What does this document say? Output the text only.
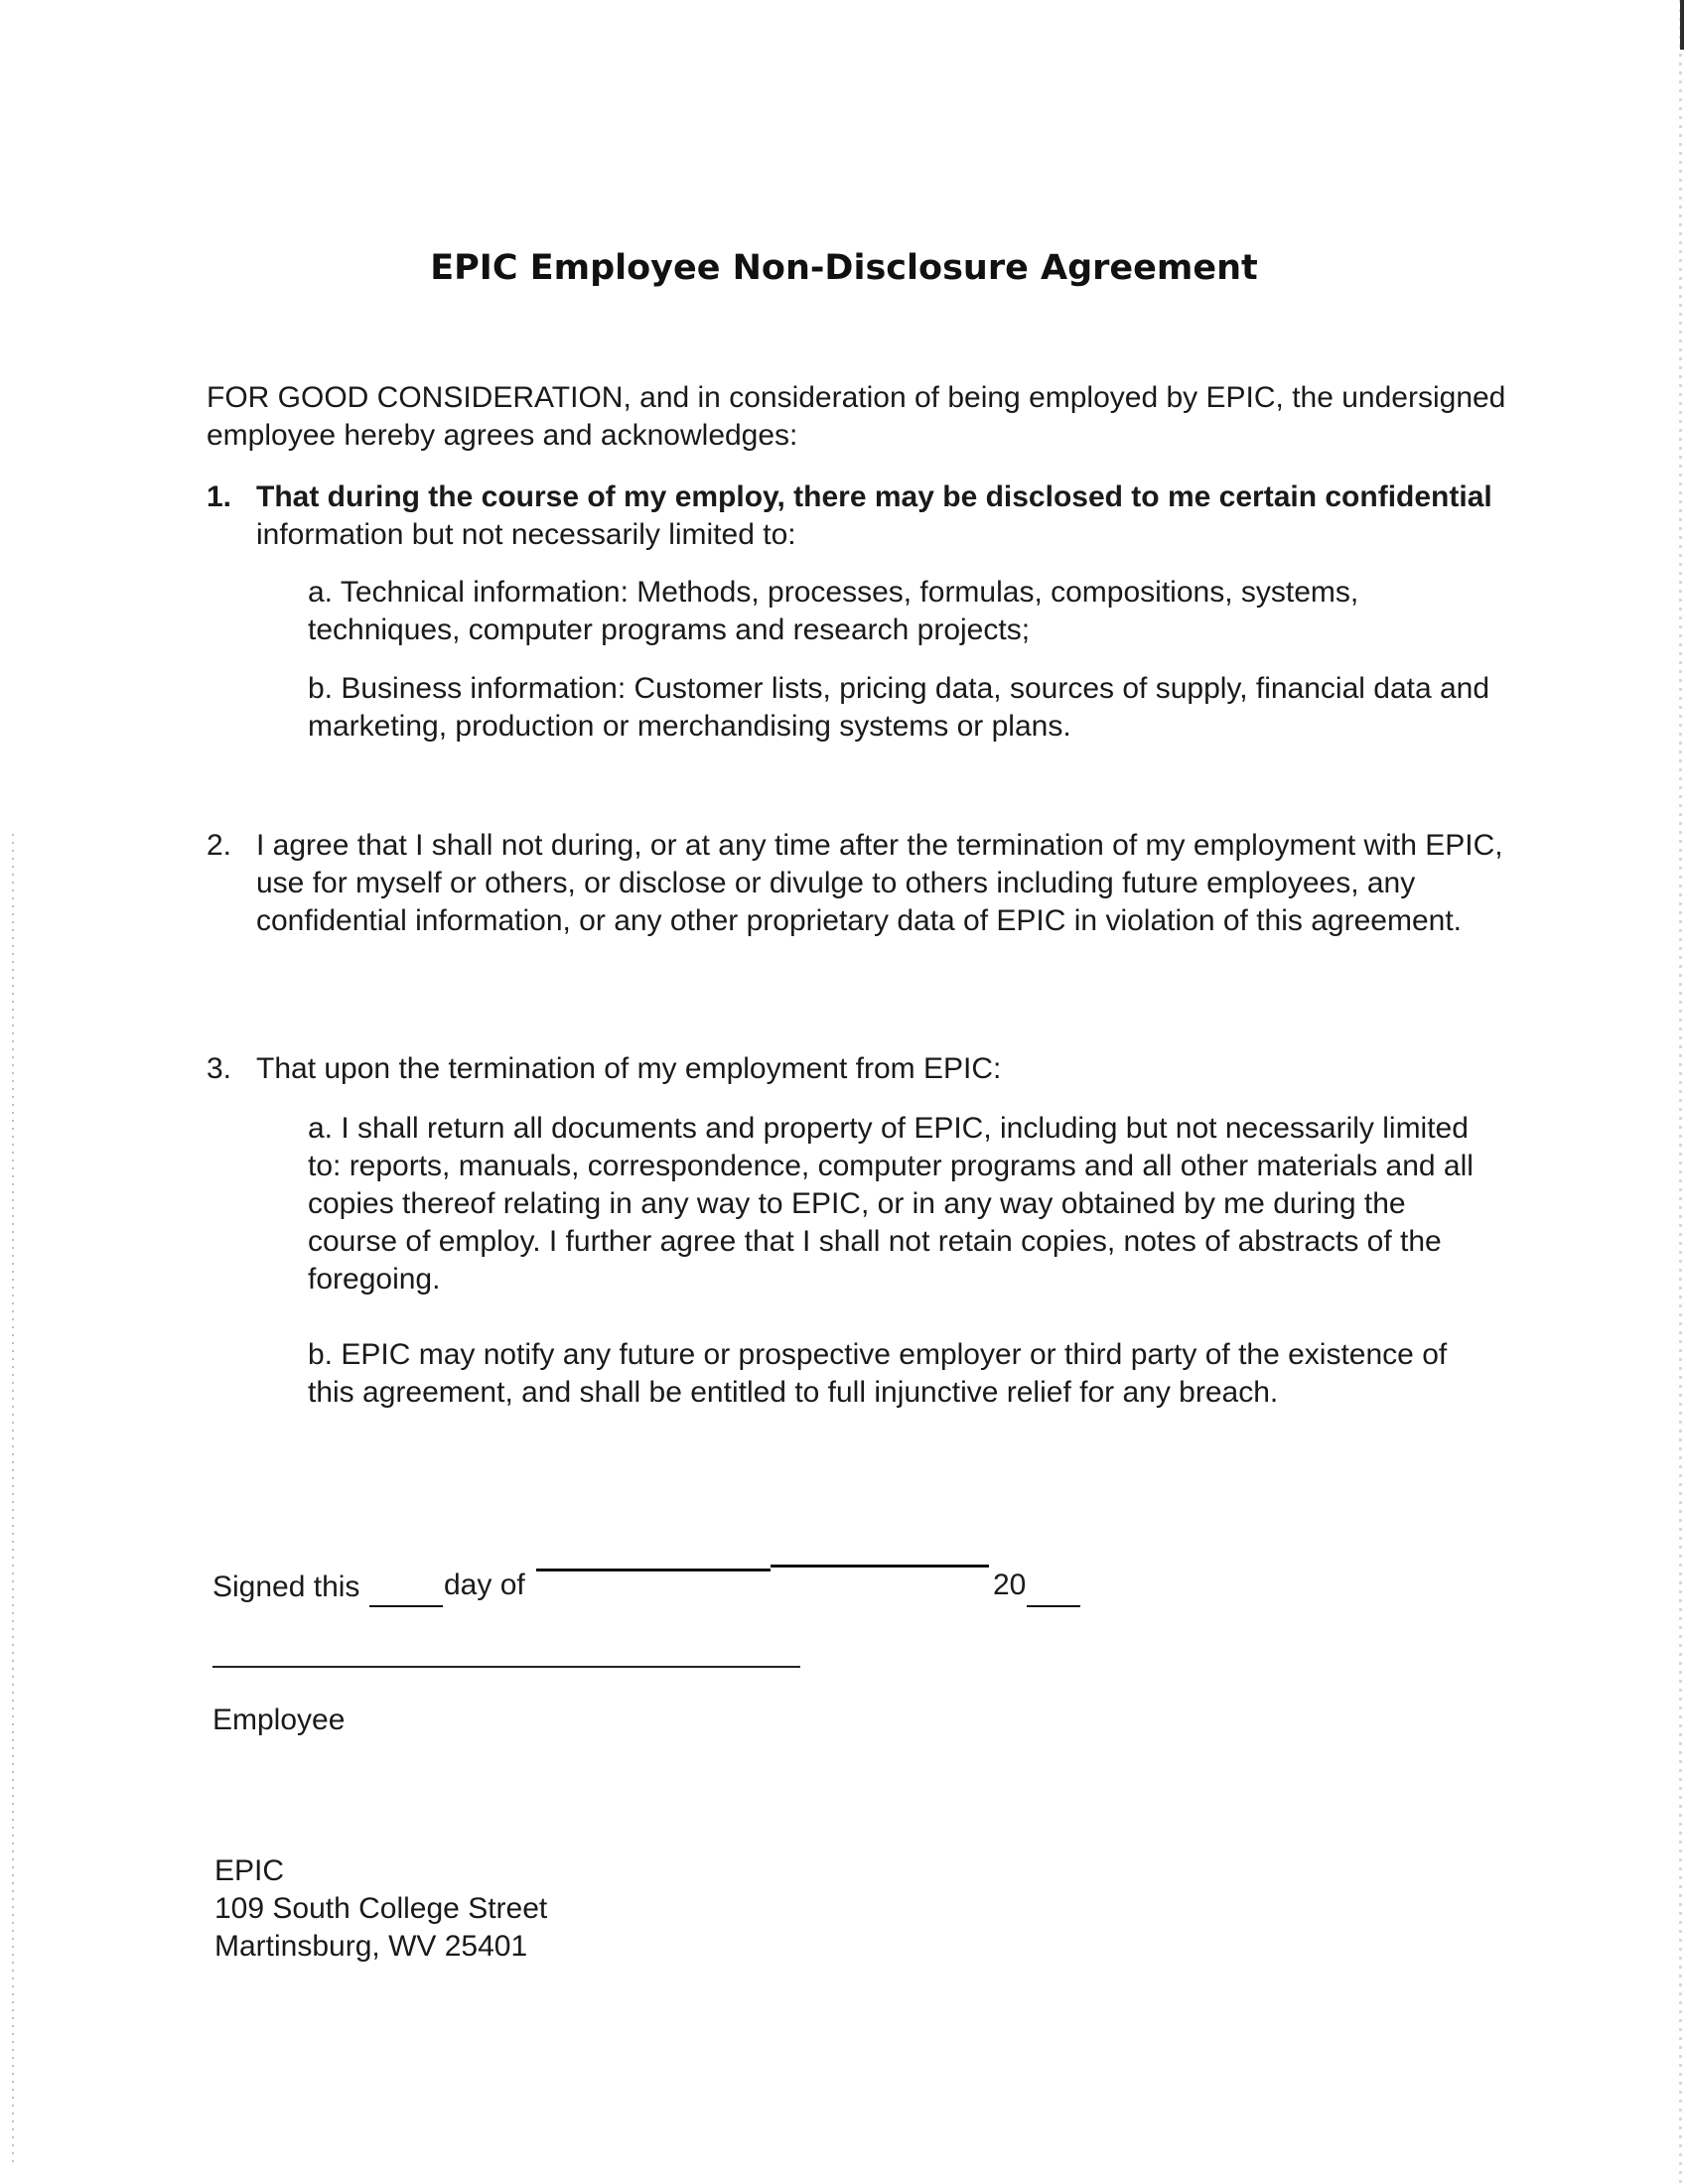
EPIC Employee Non-Disclosure Agreement
FOR GOOD CONSIDERATION, and in consideration of being employed by EPIC, the undersigned employee hereby agrees and acknowledges:
1. That during the course of my employ, there may be disclosed to me certain confidential
information but not necessarily limited to:
a. Technical information: Methods, processes, formulas, compositions, systems, techniques, computer programs and research projects;
b. Business information: Customer lists, pricing data, sources of supply, financial data and marketing, production or merchandising systems or plans.
2. I agree that I shall not during, or at any time after the termination of my employment with EPIC, use for myself or others, or disclose or divulge to others including future employees, any confidential information, or any other proprietary data of EPIC in violation of this agreement.
3. That upon the termination of my employment from EPIC:
a. I shall return all documents and property of EPIC, including but not necessarily limited to: reports, manuals, correspondence, computer programs and all other materials and all copies thereof relating in any way to EPIC, or in any way obtained by me during the course of employ. I further agree that I shall not retain copies, notes of abstracts of the foregoing.
b. EPIC may notify any future or prospective employer or third party of the existence of this agreement, and shall be entitled to full injunctive relief for any breach.
Signed this	day of	20
Employee
EPIC
109 South College Street
Martinsburg, WV 25401
